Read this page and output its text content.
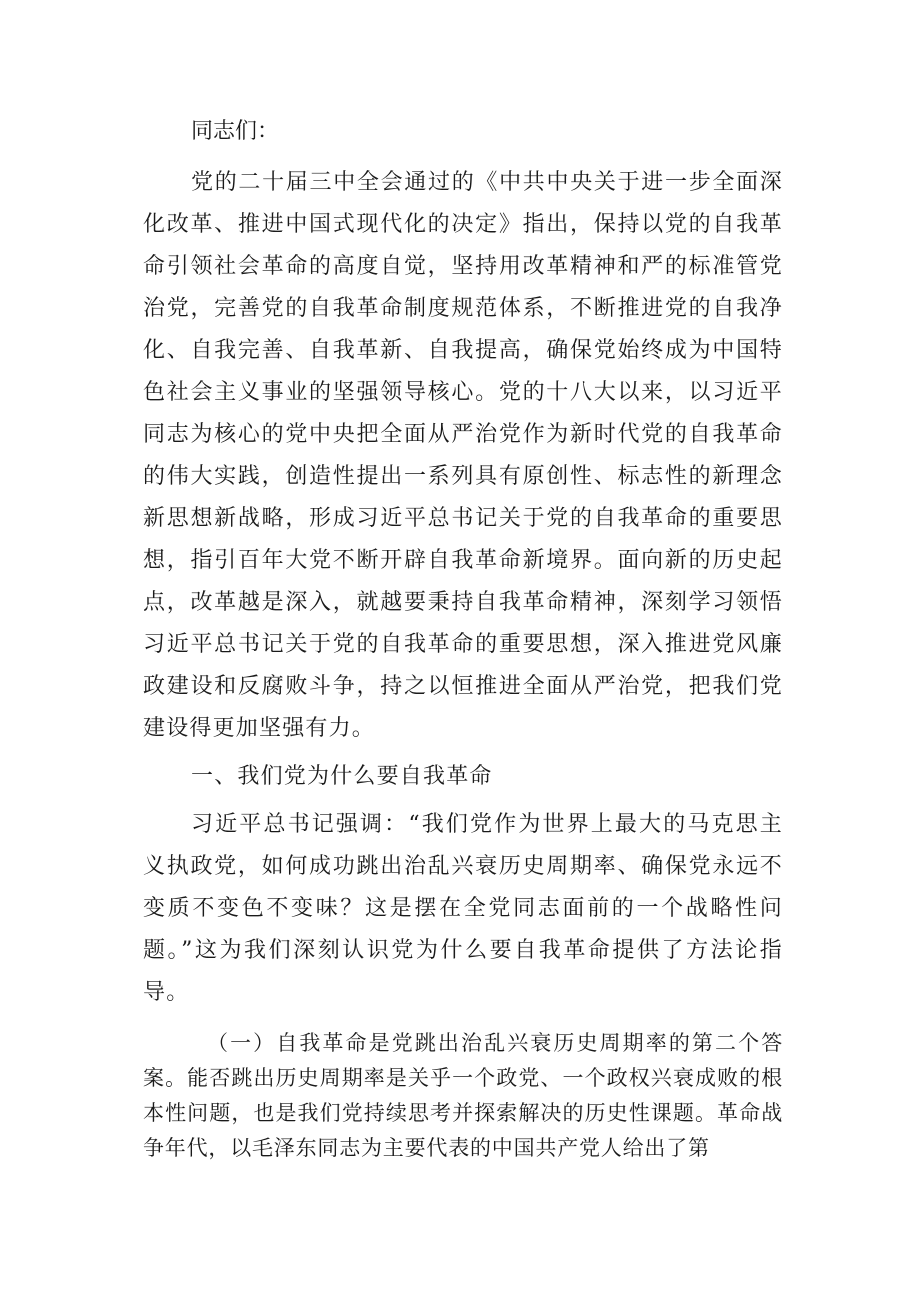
同志们：

党的二十届三中全会通过的《中共中央关于进一步全面深化改革、推进中国式现代化的决定》指出，保持以党的自我革命引领社会革命的高度自觉，坚持用改革精神和严的标准管党治党，完善党的自我革命制度规范体系，不断推进党的自我净化、自我完善、自我革新、自我提高，确保党始终成为中国特色社会主义事业的坚强领导核心。党的十八大以来，以习近平同志为核心的党中央把全面从严治党作为新时代党的自我革命的伟大实践，创造性提出一系列具有原创性、标志性的新理念新思想新战略，形成习近平总书记关于党的自我革命的重要思想，指引百年大党不断开辟自我革命新境界。面向新的历史起点，改革越是深入，就越要秉持自我革命精神，深刻学习领悟习近平总书记关于党的自我革命的重要思想，深入推进党风廉政建设和反腐败斗争，持之以恒推进全面从严治党，把我们党建设得更加坚强有力。

一、我们党为什么要自我革命

习近平总书记强调：“我们党作为世界上最大的马克思主义执政党，如何成功跳出治乱兴衰历史周期率、确保党永远不变质不变色不变味？这是摆在全党同志面前的一个战略性问题。”这为我们深刻认识党为什么要自我革命提供了方法论指导。

（一）自我革命是党跳出治乱兴衰历史周期率的第二个答案。能否跳出历史周期率是关乎一个政党、一个政权兴衰成败的根本性问题，也是我们党持续思考并探索解决的历史性课题。革命战争年代，以毛泽东同志为主要代表的中国共产党人给出了第
